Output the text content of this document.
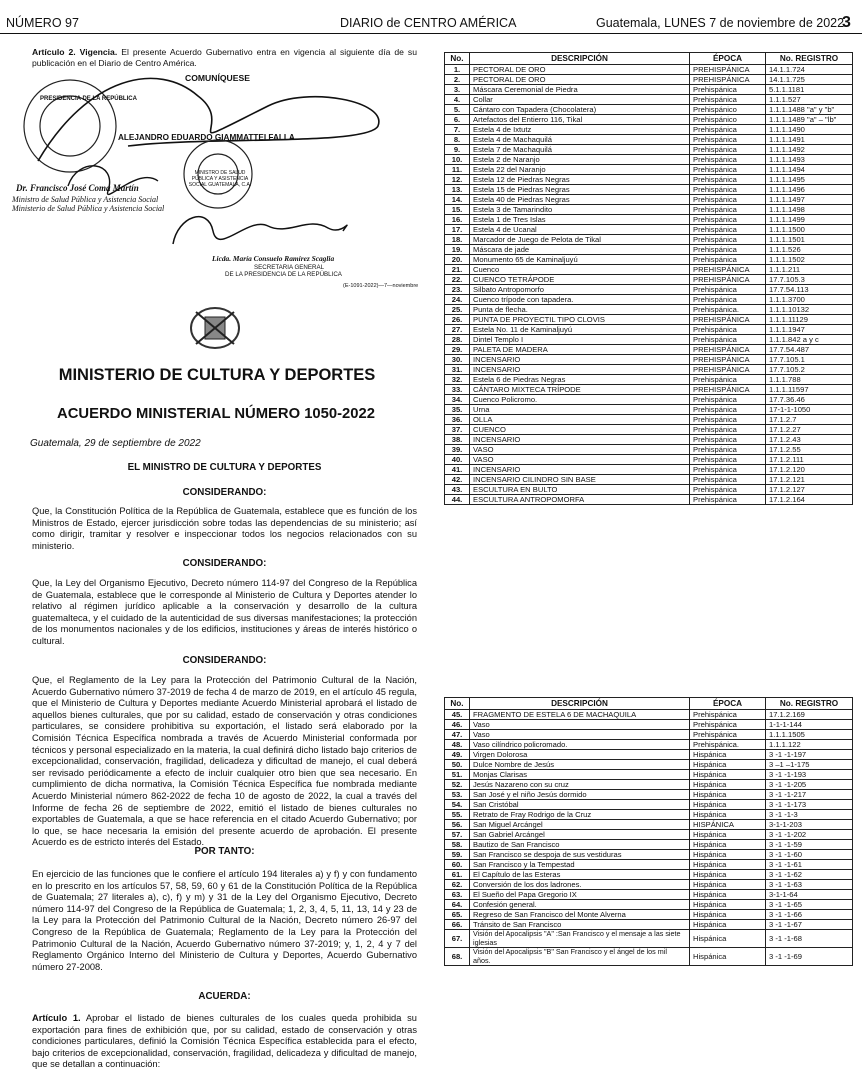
NÚMERO 97	DIARIO de CENTRO AMÉRICA	Guatemala, LUNES 7 de noviembre de 2022
3

Artículo 2. Vigencia. El presente Acuerdo Gubernativo entra en vigencia al siguiente día de su publicación en el Diario de Centro América.

COMUNÍQUESE
PRESIDENCIA DE LA REPÚBLICA
MINISTRO DE SALUD PÚBLICA Y ASISTENCIA SOCIAL GUATEMALA, C.A.
ALEJANDRO EDUARDO GIAMMATTEI FALLA
Dr. Francisco José Coma Martín
Ministro de Salud Pública y Asistencia Social
Ministerio de Salud Pública y Asistencia Social
Licda. María Consuelo Ramírez Scaglia
SECRETARIA GENERAL
DE LA PRESIDENCIA DE LA REPÚBLICA
(E-1091-2022)—7—noviembre
MINISTERIO DE CULTURA Y DEPORTES
ACUERDO MINISTERIAL NÚMERO 1050-2022
Guatemala, 29 de septiembre de 2022
EL MINISTRO DE CULTURA Y DEPORTES
CONSIDERANDO:

Que, la Constitución Política de la República de Guatemala, establece que es función de los Ministros de Estado, ejercer jurisdicción sobre todas las dependencias de su ministerio; así como dirigir, tramitar y resolver e inspeccionar todos los negocios relacionados con su ministerio.

CONSIDERANDO:

Que, la Ley del Organismo Ejecutivo, Decreto número 114-97 del Congreso de la República de Guatemala, establece que le corresponde al Ministerio de Cultura y Deportes atender lo relativo al régimen jurídico aplicable a la conservación y desarrollo de la cultura guatemalteca, y el cuidado de la autenticidad de sus diversas manifestaciones; la protección de los monumentos nacionales y de los edificios, instituciones y áreas de interés histórico o cultural.

CONSIDERANDO:

Que, el Reglamento de la Ley para la Protección del Patrimonio Cultural de la Nación, Acuerdo Gubernativo número 37-2019 de fecha 4 de marzo de 2019, en el artículo 45 regula, que el Ministerio de Cultura y Deportes mediante Acuerdo Ministerial aprobará el listado de aquellos bienes culturales, que por su calidad, estado de conservación y otras condiciones particulares, se considere prohibitiva su exportación, el listado será elaborado por la Comisión Técnica Específica nombrada a través de Acuerdo Ministerial conformada por técnicos y personal especializado en la materia, la cual definirá dicho listado bajo criterios de excepcionalidad, conservación, fragilidad, delicadeza y dificultad de manejo, el cual deberá ser revisado periódicamente a efecto de incluir cualquier otro bien que sea necesario. En cumplimiento de dicha normativa, la Comisión Técnica Específica fue nombrada mediante Acuerdo Ministerial número 862-2022 de fecha 10 de agosto de 2022, la cual a través del Informe de fecha 26 de septiembre de 2022, emitió el listado de bienes culturales no exportables de Guatemala, a que se hace referencia en el citado Acuerdo Gubernativo; por lo que, se hace necesaria la emisión del presente acuerdo de aprobación. El presente Acuerdo es de estricto interés del Estado.

POR TANTO:

En ejercicio de las funciones que le confiere el artículo 194 literales a) y f) y con fundamento en lo prescrito en los artículos 57, 58, 59, 60 y 61 de la Constitución Política de la República de Guatemala; 27 literales a), c), f) y m) y 31 de la Ley del Organismo Ejecutivo, Decreto número 114-97 del Congreso de la República de Guatemala; 1, 2, 3, 4, 5, 11, 13, 14 y 23 de la Ley para la Protección del Patrimonio Cultural de la Nación, Decreto número 26-97 del Congreso de la República de Guatemala; Reglamento de la Ley para la Protección del Patrimonio Cultural de la Nación, Acuerdo Gubernativo número 37-2019; y, 1, 2, 4 y 7 del Reglamento Orgánico Interno del Ministerio de Cultura y Deportes, Acuerdo Gubernativo número 27-2008.

ACUERDA:

Artículo 1. Aprobar el listado de bienes culturales de los cuales queda prohibida su exportación para fines de exhibición que, por su calidad, estado de conservación y otras condiciones particulares, definió la Comisión Técnica Específica establecida para el efecto, bajo criterios de excepcionalidad, conservación, fragilidad, delicadeza y dificultad de manejo, que se detallan a continuación:

No.	DESCRIPCIÓN	ÉPOCA	No. REGISTRO
1.	PECTORAL DE ORO	PREHISPÁNICA	14.1.1.724
2.	PECTORAL DE ORO	PREHISPÁNICA	14.1.1.725
3.	Máscara Ceremonial de Piedra	Prehispánica	5.1.1.1181
4.	Collar	Prehispánica	1.1.1.527
5.	Cántaro con Tapadera (Chocolatera)	Prehispánico	1.1.1.1488 "a" y "b"
6.	Artefactos del Entierro 116, Tikal	Prehispánico	1.1.1.1489 "a" – "lb"
7.	Estela 4 de Ixtutz	Prehispánica	1.1.1.1490
8.	Estela 4 de Machaquilá	Prehispánica	1.1.1.1491
9.	Estela 7 de Machaquilá	Prehispánica	1.1.1.1492
10.	Estela 2 de Naranjo	Prehispánica	1.1.1.1493
11.	Estela 22 del Naranjo	Prehispánica	1.1.1.1494
12.	Estela 12 de Piedras Negras	Prehispánica	1.1.1.1495
13.	Estela 15 de Piedras Negras	Prehispánica	1.1.1.1496
14.	Estela 40 de Piedras Negras	Prehispánica	1.1.1.1497
15.	Estela 3 de Tamarindito	Prehispánica	1.1.1.1498
16.	Estela 1 de Tres Islas	Prehispánica	1.1.1.1499
17.	Estela 4 de Ucanal	Prehispánica	1.1.1.1500
18.	Marcador de Juego de Pelota de Tikal	Prehispánica	1.1.1.1501
19.	Máscara de jade	Prehispánica	1.1.1.526
20.	Monumento 65 de Kaminaljuyú	Prehispánica	1.1.1.1502
21.	Cuenco	PREHISPÁNICA	1.1.1.211
22.	CUENCO TETRÁPODE	PREHISPÁNICA	17.7.105.3
23.	Silbato Antropomorfo	Prehispánica	17.7.54.113
24.	Cuenco trípode con tapadera.	Prehispánica	1.1.1.3700
25.	Punta de flecha.	Prehispánica.	1.1.1.10132
26.	PUNTA DE PROYECTIL TIPO CLOVIS	PREHISPÁNICA	1.1.1.11129
27.	Estela No. 11 de Kaminaljuyú	Prehispánica	1.1.1.1947
28.	Dintel Templo I	Prehispánica	1.1.1.842 a y c
29.	PALETA DE MADERA	PREHISPÁNICA	17.7.54.487
30.	INCENSARIO	PREHISPÁNICA	17.7.105.1
31.	INCENSARIO	PREHISPÁNICA	17.7.105.2
32.	Estela 6 de Piedras Negras	Prehispánica	1.1.1.788
33.	CÁNTARO MIXTECA TRÍPODE	PREHISPÁNICA	1.1.1.11597
34.	Cuenco Policromo.	Prehispánica	17.7.36.46
35.	Urna	Prehispánica	17-1-1-1050
36.	OLLA	Prehispánica	17.1.2.7
37.	CUENCO	Prehispánica	17.1.2.27
38.	INCENSARIO	Prehispánica	17.1.2.43
39.	VASO	Prehispánica	17.1.2.55
40.	VASO	Prehispánica	17.1.2.111
41.	INCENSARIO	Prehispánica	17.1.2.120
42.	INCENSARIO CILINDRO SIN BASE	Prehispánica	17.1.2.121
43.	ESCULTURA EN BULTO	Prehispánica	17.1.2.127
44.	ESCULTURA ANTROPOMORFA	Prehispánica	17.1.2.164
No.	DESCRIPCIÓN	ÉPOCA	No. REGISTRO
45.	FRAGMENTO DE ESTELA 6 DE MACHAQUILA	Prehispánica	17.1.2.169
46.	Vaso	Prehispánica	1-1-1-144
47.	Vaso	Prehispánica	1.1.1.1505
48.	Vaso cilíndrico policromado.	Prehispánica.	1.1.1.122
49.	Virgen Dolorosa	Hispánica	3 -1 -1-197
50.	Dulce Nombre de Jesús	Hispánica	3 –1 –1-175
51.	Monjas Clarisas	Hispánica	3 -1 -1-193
52.	Jesús Nazareno con su cruz	Hispánica	3 -1 -1-205
53.	San José y el niño Jesús dormido	Hispánica	3 -1 -1-217
54.	San Cristóbal	Hispánica	3 -1 -1-173
55.	Retrato de Fray Rodrigo de la Cruz	Hispánica	3 -1 -1-3
56.	San Miguel Arcángel	HISPÁNICA	3-1-1-203
57.	San Gabriel Arcángel	Hispánica	3 -1 -1-202
58.	Bautizo de San Francisco	Hispánica	3 -1 -1-59
59.	San Francisco se despoja de sus vestiduras	Hispánica	3 -1 -1-60
60.	San Francisco y la Tempestad	Hispánica	3 -1 -1-61
61.	El Capítulo de las Esteras	Hispánica	3 -1 -1-62
62.	Conversión de los dos ladrones.	Hispánica	3 -1 -1-63
63.	El Sueño del Papa Gregorio IX	Hispánica	3-1-1-64
64.	Confesión general.	Hispánica	3 -1 -1-65
65.	Regreso de San Francisco del Monte Alverna	Hispánica	3 -1 -1-66
66.	Tránsito de San Francisco	Hispánica	3 -1 -1-67
67.	Visión del Apocalipsis "A" :San Francisco y el mensaje a las siete iglesias	Hispánica	3 -1 -1-68
68.	Visión del Apocalipsis "B" San Francisco y el ángel de los mil años.	Hispánica	3 -1 -1-69
